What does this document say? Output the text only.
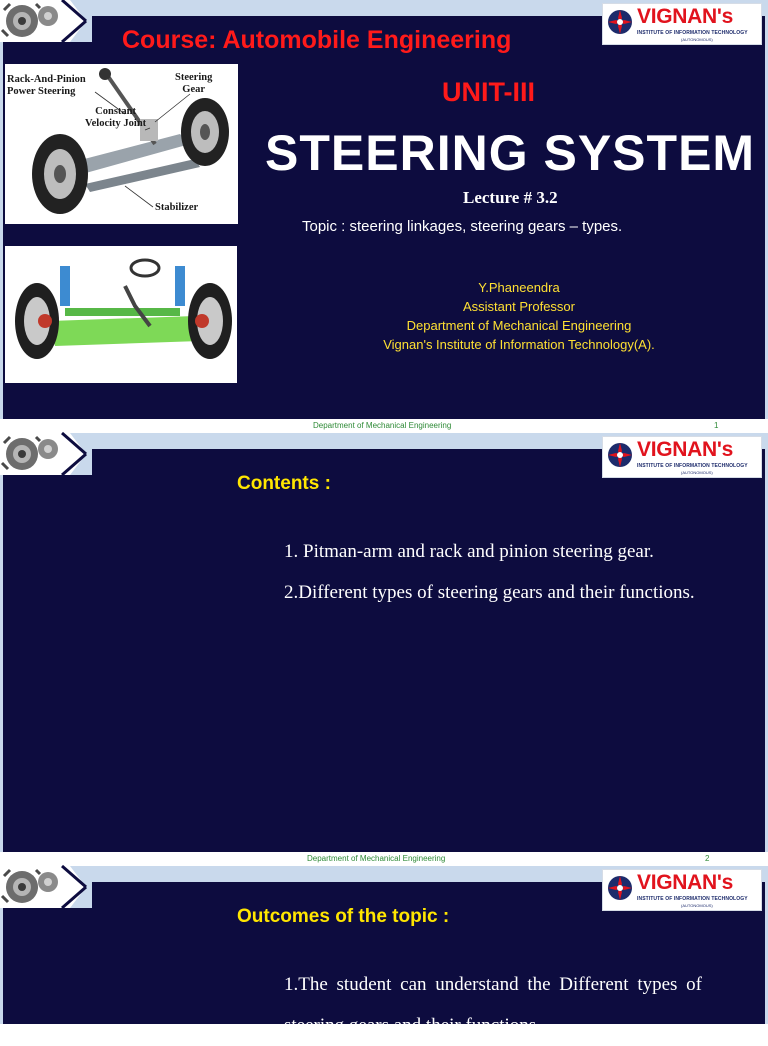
VIGNAN's
INSTITUTE OF INFORMATION TECHNOLOGY
(AUTONOMOUS)
Course: Automobile Engineering
Rack-And-Pinion
Power Steering
Steering
Gear
Constant
Velocity Joint
Stabilizer
UNIT-III
STEERING SYSTEM
Lecture # 3.2
Topic : steering linkages, steering gears – types.
Y.Phaneendra
Assistant Professor
Department of Mechanical Engineering
Vignan's Institute of Information Technology(A).
Department of Mechanical Engineering	1
VIGNAN's
INSTITUTE OF INFORMATION TECHNOLOGY
(AUTONOMOUS)
Contents :
1. Pitman-arm and rack and pinion steering gear.
2.Different types of steering gears and their functions.
Department of Mechanical Engineering	2
VIGNAN's
INSTITUTE OF INFORMATION TECHNOLOGY
(AUTONOMOUS)
Outcomes of the topic :
1.The student can understand the Different types of steering gears and their functions.
